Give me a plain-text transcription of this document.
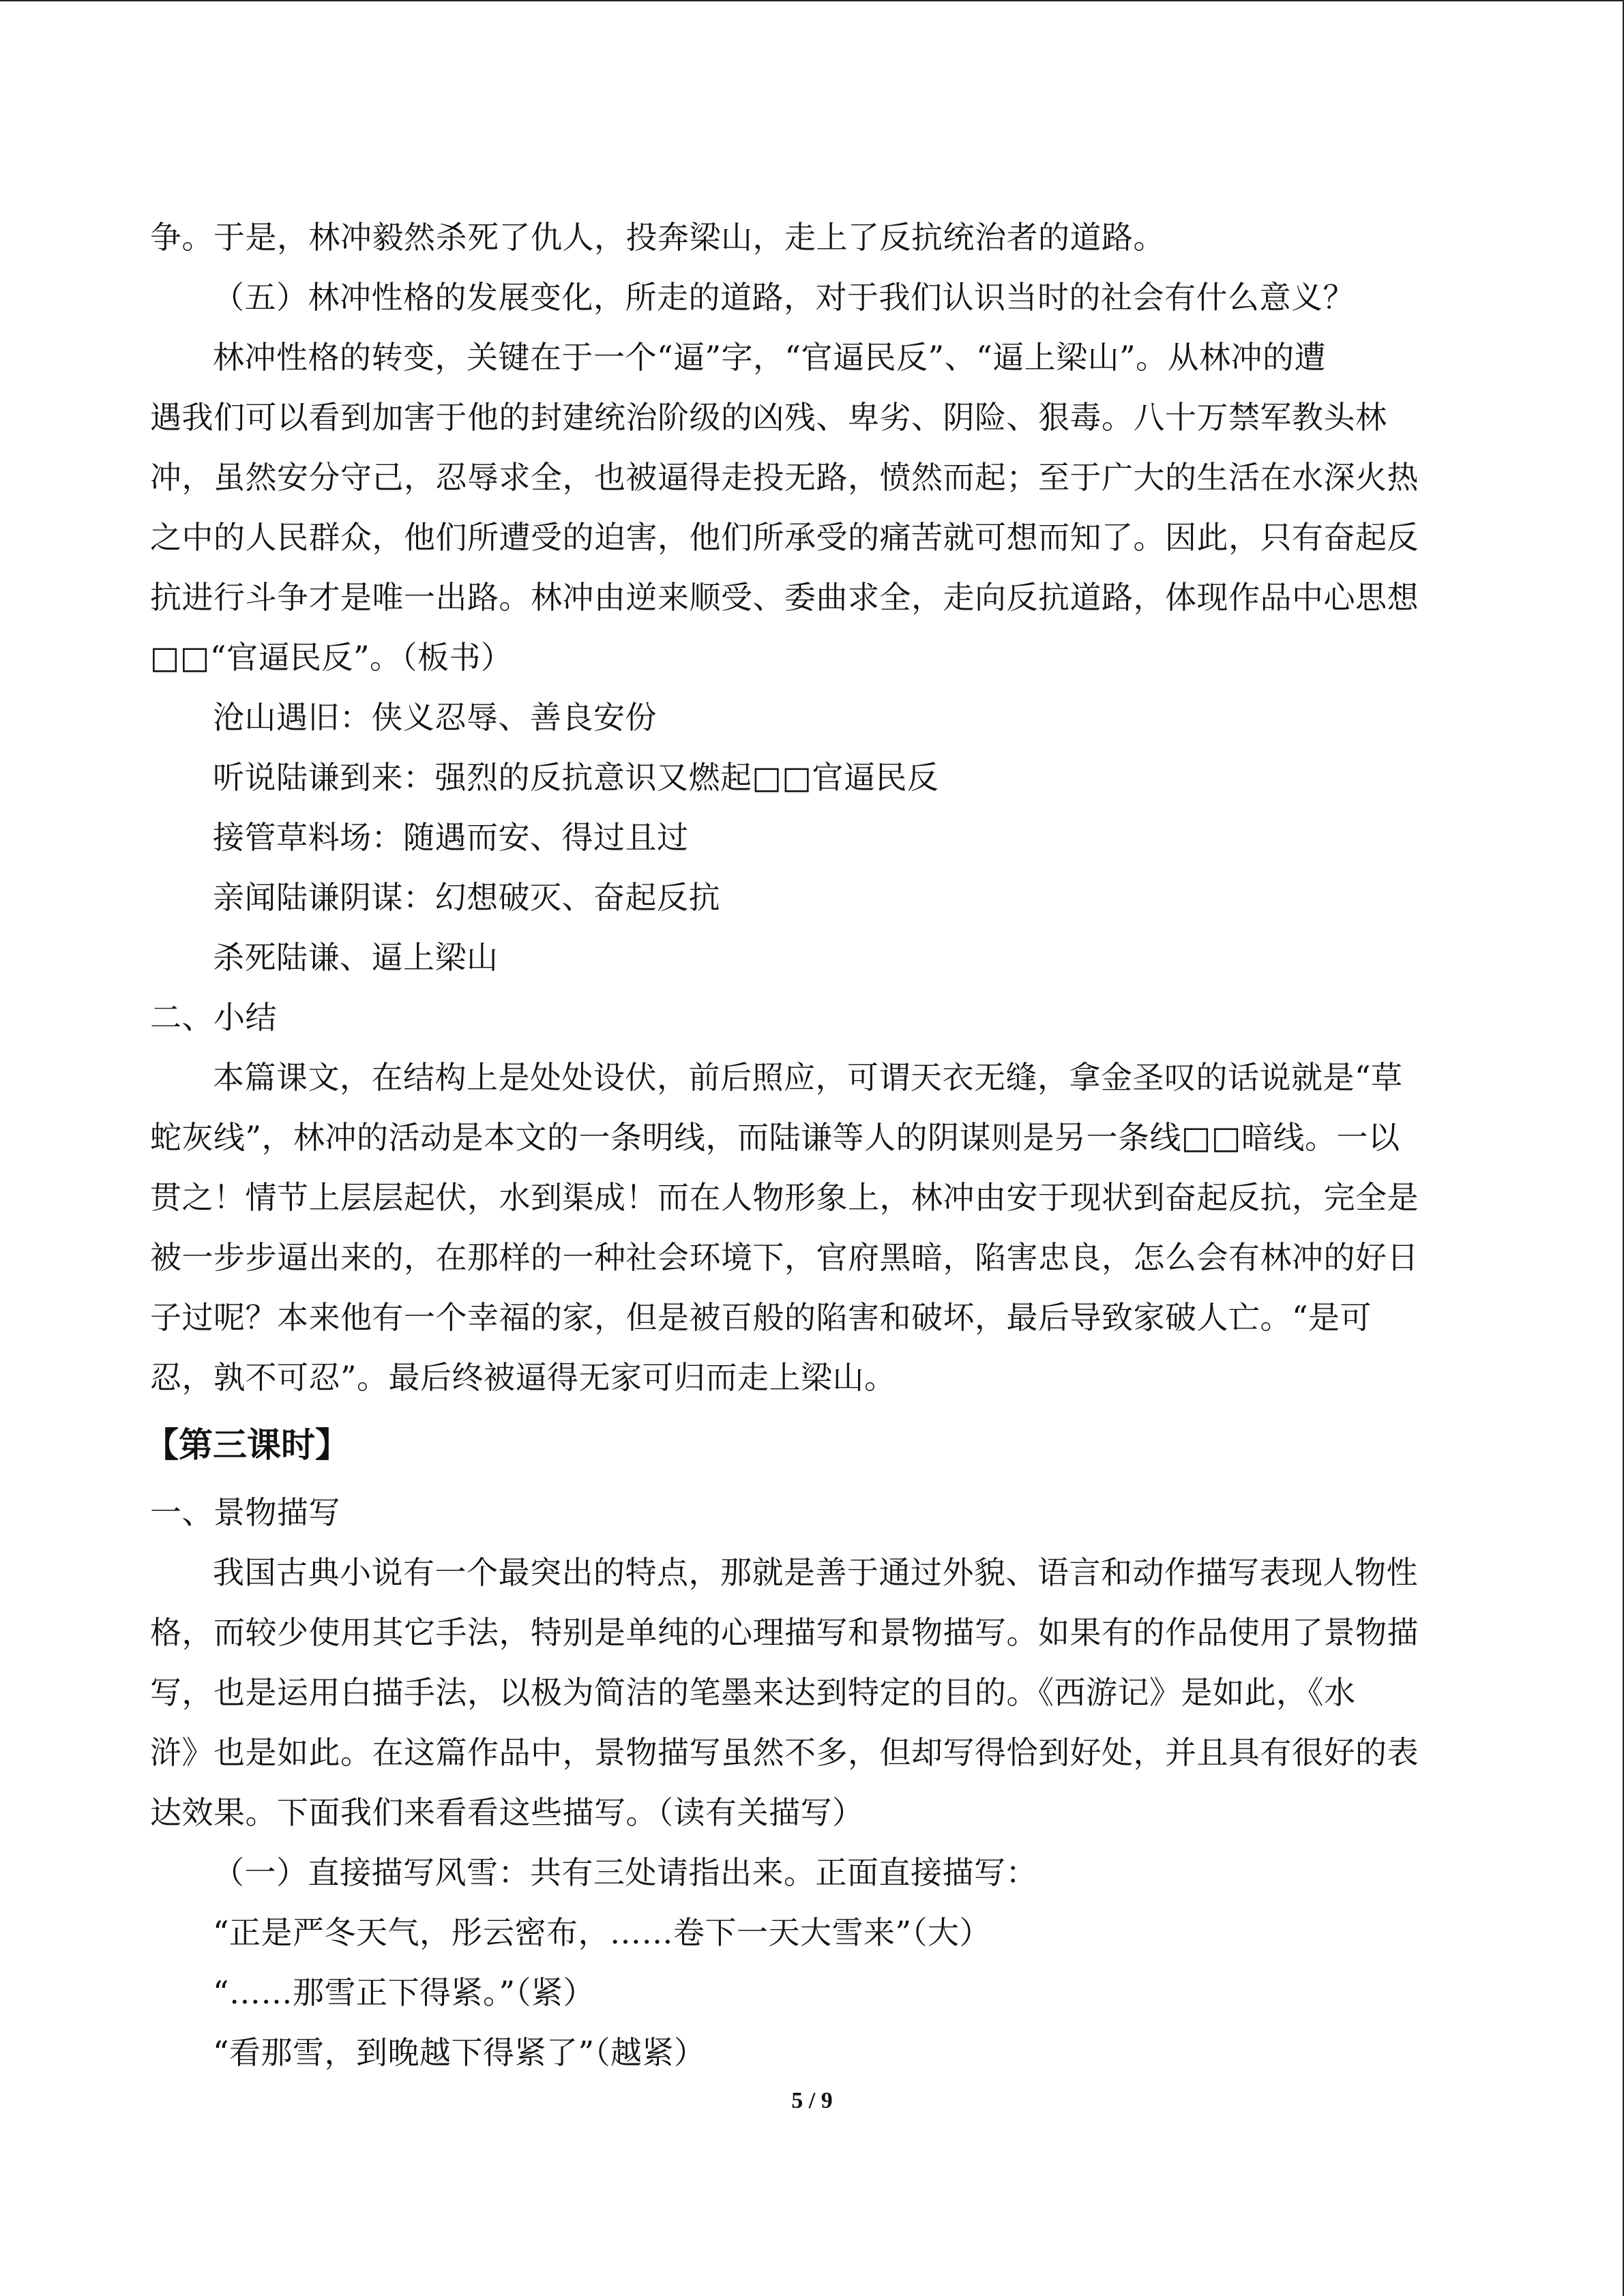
争。于是，林冲毅然杀死了仇人，投奔梁山，走上了反抗统治者的道路。
（五）林冲性格的发展变化，所走的道路，对于我们认识当时的社会有什么意义？
林冲性格的转变，关键在于一个“逼”字，“官逼民反”、“逼上梁山”。从林冲的遭
遇我们可以看到加害于他的封建统治阶级的凶残、卑劣、阴险、狠毒。八十万禁军教头林
冲，虽然安分守己，忍辱求全，也被逼得走投无路，愤然而起；至于广大的生活在水深火热
之中的人民群众，他们所遭受的迫害，他们所承受的痛苦就可想而知了。因此，只有奋起反
抗进行斗争才是唯一出路。林冲由逆来顺受、委曲求全，走向反抗道路，体现作品中心思想
□□“官逼民反”。（板书）
沧山遇旧：侠义忍辱、善良安份
听说陆谦到来：强烈的反抗意识又燃起□□官逼民反
接管草料场：随遇而安、得过且过
亲闻陆谦阴谋：幻想破灭、奋起反抗
杀死陆谦、逼上梁山
二、小结
本篇课文，在结构上是处处设伏，前后照应，可谓天衣无缝，拿金圣叹的话说就是“草
蛇灰线”，林冲的活动是本文的一条明线，而陆谦等人的阴谋则是另一条线□□暗线。一以
贯之！情节上层层起伏，水到渠成！而在人物形象上，林冲由安于现状到奋起反抗，完全是
被一步步逼出来的，在那样的一种社会环境下，官府黑暗，陷害忠良，怎么会有林冲的好日
子过呢？本来他有一个幸福的家，但是被百般的陷害和破坏，最后导致家破人亡。“是可
忍，孰不可忍”。最后终被逼得无家可归而走上梁山。
【第三课时】
一、景物描写
我国古典小说有一个最突出的特点，那就是善于通过外貌、语言和动作描写表现人物性
格，而较少使用其它手法，特别是单纯的心理描写和景物描写。如果有的作品使用了景物描
写，也是运用白描手法，以极为简洁的笔墨来达到特定的目的。《西游记》是如此，《水
浒》也是如此。在这篇作品中，景物描写虽然不多，但却写得恰到好处，并且具有很好的表
达效果。下面我们来看看这些描写。（读有关描写）
（一）直接描写风雪：共有三处请指出来。正面直接描写：
“正是严冬天气，彤云密布，……卷下一天大雪来”（大）
“……那雪正下得紧。”（紧）
“看那雪，到晚越下得紧了”（越紧）
5 / 9
